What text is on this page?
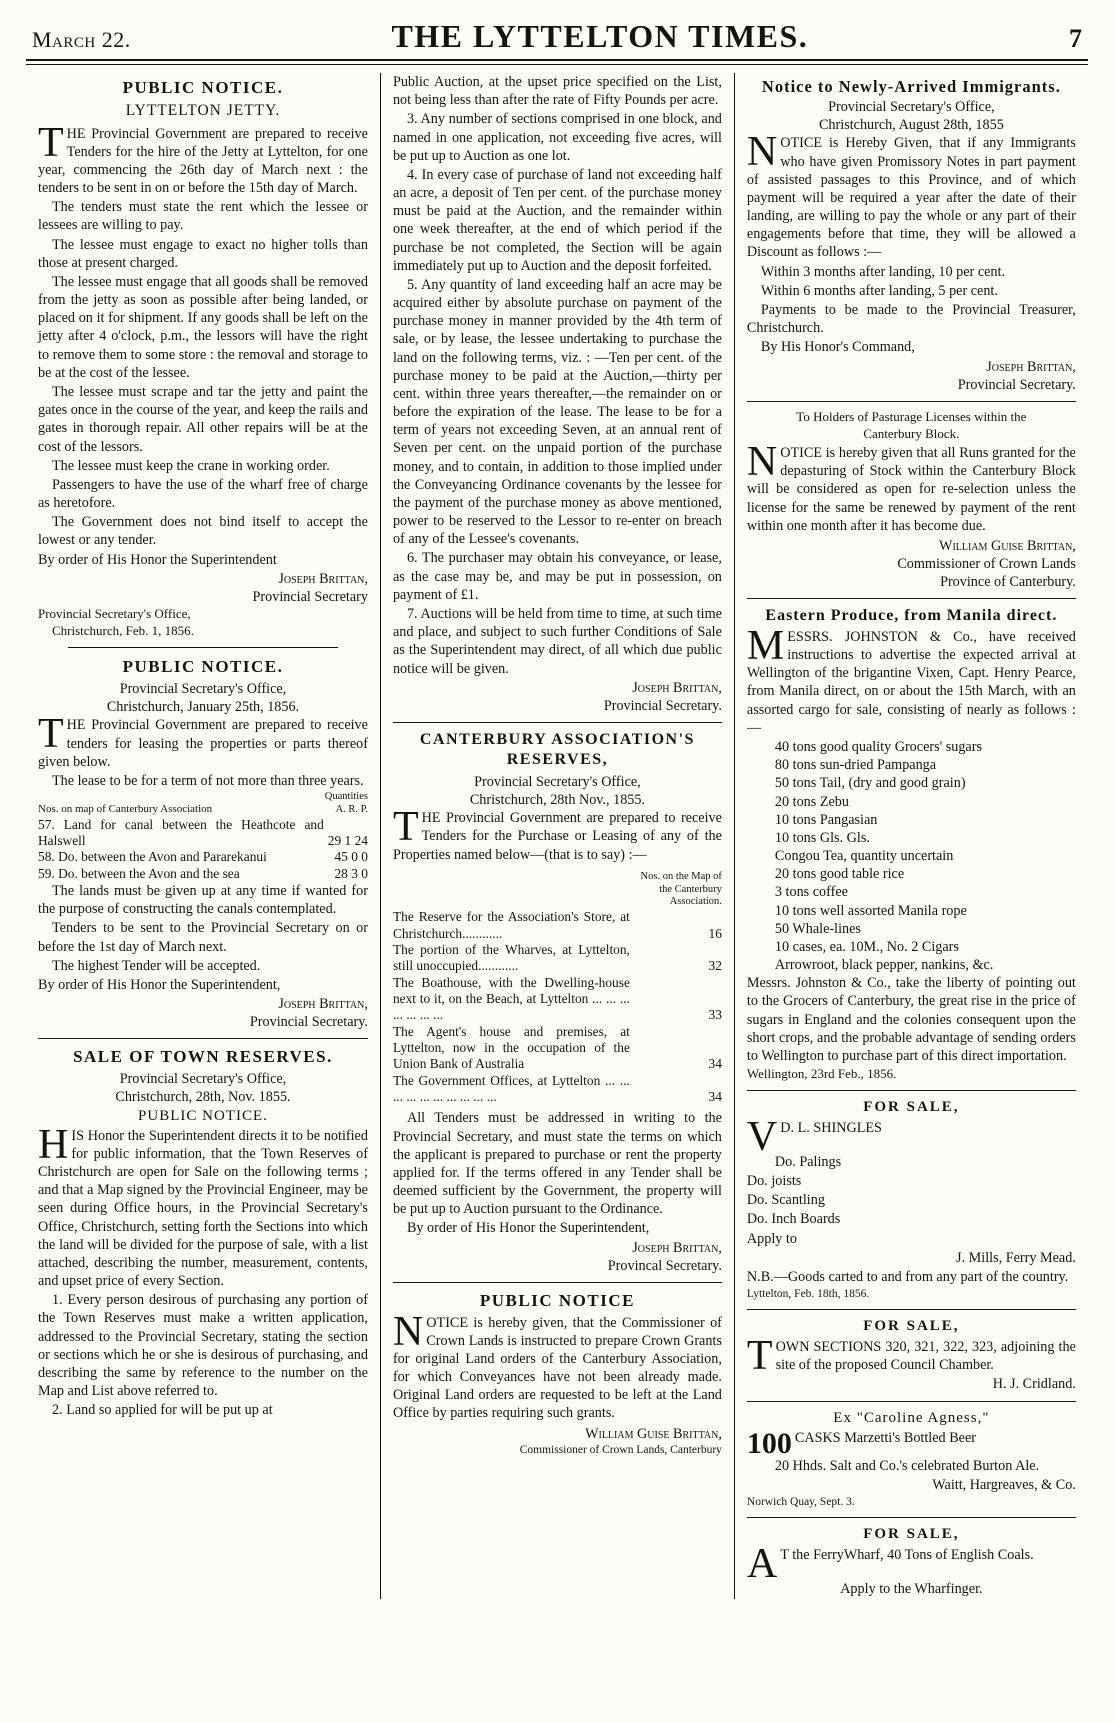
March 22.	THE LYTTELTON TIMES.	7
PUBLIC NOTICE.
LYTTELTON JETTY.
T HE Provincial Government are prepared to receive Tenders for the hire of the Jetty at Lyttelton, for one year, commencing the 26th day of March next : the tenders to be sent in on or before the 15th day of March.

The tenders must state the rent which the lessee or lessees are willing to pay.

The lessee must engage to exact no higher tolls than those at present charged.

The lessee must engage that all goods shall be removed from the jetty as soon as possible after being landed, or placed on it for shipment. If any goods shall be left on the jetty after 4 o'clock, p.m., the lessors will have the right to remove them to some store : the removal and storage to be at the cost of the lessee.

The lessee must scrape and tar the jetty and paint the gates once in the course of the year, and keep the rails and gates in thorough repair. All other repairs will be at the cost of the lessors.

The lessee must keep the crane in working order.

Passengers to have the use of the wharf free of charge as heretofore.

The Government does not bind itself to accept the lowest or any tender.

By order of His Honor the Superintendent

Joseph Brittan,

Provincial Secretary

Provincial Secretary's Office,

Christchurch, Feb. 1, 1856.

PUBLIC NOTICE.

Provincial Secretary's Office,

Christchurch, January 25th, 1856.

T HE Provincial Government are prepared to receive tenders for leasing the properties or parts thereof given below.

The lease to be for a term of not more than three years.

Nos. on map of Canterbury Association	Quantities
A. R. P.
57. Land for canal between the Heathcote and Halswell	29 1 24
58. Do. between the Avon and Pararekanui	45 0 0
59. Do. between the Avon and the sea	28 3 0

The lands must be given up at any time if wanted for the purpose of constructing the canals contemplated.

Tenders to be sent to the Provincial Secretary on or before the 1st day of March next.

The highest Tender will be accepted.

By order of His Honor the Superintendent,

Joseph Brittan,

Provincial Secretary.

SALE OF TOWN RESERVES.

Provincial Secretary's Office,

Christchurch, 28th, Nov. 1855.

PUBLIC NOTICE.

H IS Honor the Superintendent directs it to be notified for public information, that the Town Reserves of Christchurch are open for Sale on the following terms ; and that a Map signed by the Provincial Engineer, may be seen during Office hours, in the Provincial Secretary's Office, Christchurch, setting forth the Sections into which the land will be divided for the purpose of sale, with a list attached, describing the number, measurement, contents, and upset price of every Section.

1. Every person desirous of purchasing any portion of the Town Reserves must make a written application, addressed to the Provincial Secretary, stating the section or sections which he or she is desirous of purchasing, and describing the same by reference to the number on the Map and List above referred to.

2. Land so applied for will be put up at

Public Auction, at the upset price specified on the List, not being less than after the rate of Fifty Pounds per acre.

3. Any number of sections comprised in one block, and named in one application, not exceeding five acres, will be put up to Auction as one lot.

4. In every case of purchase of land not exceeding half an acre, a deposit of Ten per cent. of the purchase money must be paid at the Auction, and the remainder within one week thereafter, at the end of which period if the purchase be not completed, the Section will be again immediately put up to Auction and the deposit forfeited.

5. Any quantity of land exceeding half an acre may be acquired either by absolute purchase on payment of the purchase money in manner provided by the 4th term of sale, or by lease, the lessee undertaking to purchase the land on the following terms, viz. : —Ten per cent. of the purchase money to be paid at the Auction,—thirty per cent. within three years thereafter,—the remainder on or before the expiration of the lease. The lease to be for a term of years not exceeding Seven, at an annual rent of Seven per cent. on the unpaid portion of the purchase money, and to contain, in addition to those implied under the Conveyancing Ordinance covenants by the lessee for the payment of the purchase money as above mentioned, power to be reserved to the Lessor to re-enter on breach of any of the Lessee's covenants.

6. The purchaser may obtain his conveyance, or lease, as the case may be, and may be put in possession, on payment of £1.

7. Auctions will be held from time to time, at such time and place, and subject to such further Conditions of Sale as the Superintendent may direct, of all which due public notice will be given.

Joseph Brittan,

Provincial Secretary.

CANTERBURY ASSOCIATION'S RESERVES,

Provincial Secretary's Office,

Christchurch, 28th Nov., 1855.

T HE Provincial Government are prepared to receive Tenders for the Purchase or Leasing of any of the Properties named below—(that is to say) :—

	Nos. on the Map of the Canterbury Association.
The Reserve for the Association's Store, at Christchurch............	16
The portion of the Wharves, at Lyttelton, still unoccupied............	32
The Boathouse, with the Dwelling-house next to it, on the Beach, at Lyttelton ... ... ... ... ... ... ...	33
The Agent's house and premises, at Lyttelton, now in the occupation of the Union Bank of Australia	34
The Government Offices, at Lyttelton ... ... ... ... ... ... ... ... ... ...	34

All Tenders must be addressed in writing to the Provincial Secretary, and must state the terms on which the applicant is prepared to purchase or rent the property applied for. If the terms offered in any Tender shall be deemed sufficient by the Government, the property will be put up to Auction pursuant to the Ordinance.

By order of His Honor the Superintendent,

Joseph Brittan,

Provincal Secretary.

PUBLIC NOTICE
N OTICE is hereby given, that the Commissioner of Crown Lands is instructed to prepare Crown Grants for original Land orders of the Canterbury Association, for which Conveyances have not been already made. Original Land orders are requested to be left at the Land Office by parties requiring such grants.

William Guise Brittan,

Commissioner of Crown Lands, Canterbury

Notice to Newly-Arrived Immigrants.

Provincial Secretary's Office,

Christchurch, August 28th, 1855

N OTICE is Hereby Given, that if any Immigrants who have given Promissory Notes in part payment of assisted passages to this Province, and of which payment will be required a year after the date of their landing, are willing to pay the whole or any part of their engagements before that time, they will be allowed a Discount as follows :—

Within 3 months after landing, 10 per cent.

Within 6 months after landing, 5 per cent.

Payments to be made to the Provincial Treasurer, Christchurch.

By His Honor's Command,

Joseph Brittan,

Provincial Secretary.

To Holders of Pasturage Licenses within the

Canterbury Block.

N OTICE is hereby given that all Runs granted for the depasturing of Stock within the Canterbury Block will be considered as open for re-selection unless the license for the same be renewed by payment of the rent within one month after it has become due.

William Guise Brittan,

Commissioner of Crown Lands

Province of Canterbury.

Eastern Produce, from Manila direct.
M ESSRS. JOHNSTON & Co., have received instructions to advertise the expected arrival at Wellington of the brigantine Vixen, Capt. Henry Pearce, from Manila direct, on or about the 15th March, with an assorted cargo for sale, consisting of nearly as follows :—

40 tons good quality Grocers' sugars
80 tons sun-dried Pampanga
50 tons Tail, (dry and good grain)
20 tons Zebu
10 tons Pangasian
10 tons Gls. Gls.
Congou Tea, quantity uncertain
20 tons good table rice
3 tons coffee
10 tons well assorted Manila rope
50 Whale-lines
10 cases, ea. 10M., No. 2 Cigars
Arrowroot, black pepper, nankins, &c.

Messrs. Johnston & Co., take the liberty of pointing out to the Grocers of Canterbury, the great rise in the price of sugars in England and the colonies consequent upon the short crops, and the probable advantage of sending orders to Wellington to purchase part of this direct importation.

Wellington, 23rd Feb., 1856.

FOR SALE,
V D. L. SHINGLES

Do. Palings

Do. joists

Do. Scantling

Do. Inch Boards

Apply to

J. Mills, Ferry Mead.

N.B.—Goods carted to and from any part of the country.

Lyttelton, Feb. 18th, 1856.

FOR SALE,
T OWN SECTIONS 320, 321, 322, 323, adjoining the site of the proposed Council Chamber.

H. J. Cridland.

Ex "Caroline Agness,"
100 CASKS Marzetti's Bottled Beer

20 Hhds. Salt and Co.'s celebrated Burton Ale.

Waitt, Hargreaves, & Co.

Norwich Quay, Sept. 3.

FOR SALE,
A T the FerryWharf, 40 Tons of English Coals.

Apply to the Wharfinger.
